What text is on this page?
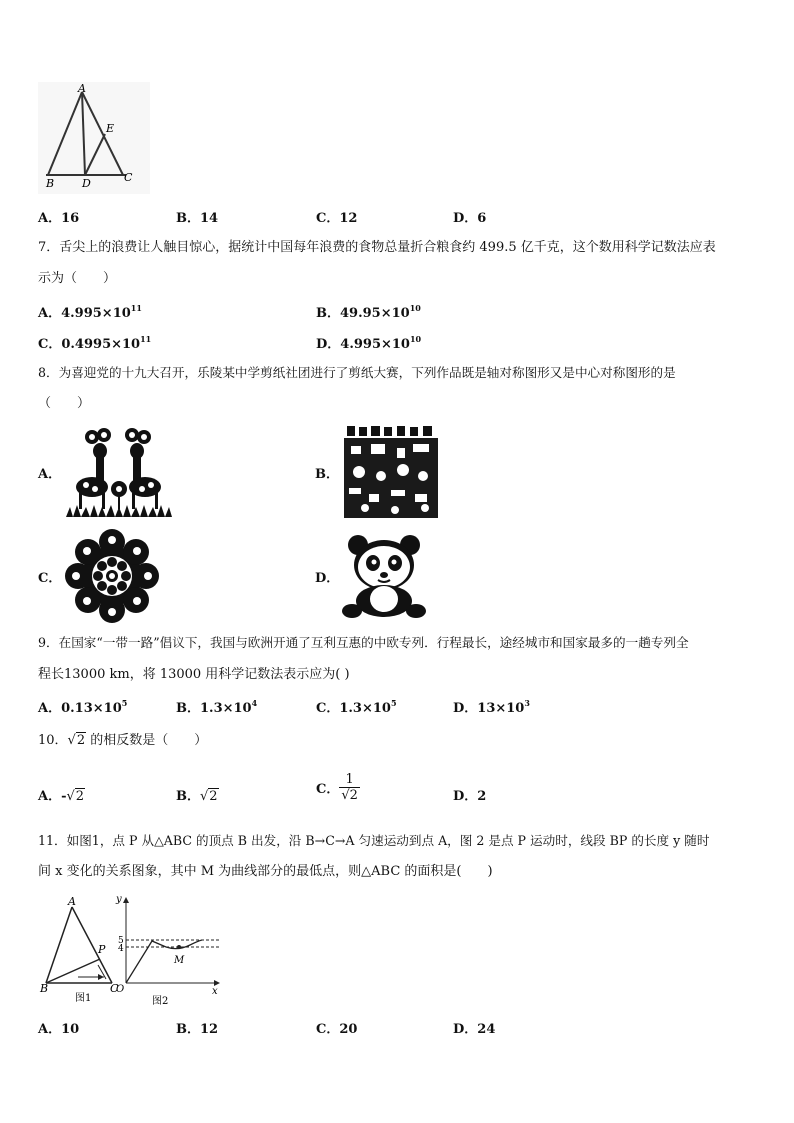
A
E
B	D	C
A．16	B．14	C．12	D．6
7．舌尖上的浪费让人触目惊心，据统计中国每年浪费的食物总量折合粮食约 499.5 亿千克，这个数用科学记数法应表
示为（　　）
A．$4.995\times 10^{11}$	B．$49.95\times 10^{10}$
C．$0.4995\times 10^{11}$	D．$4.995\times 10^{10}$
8．为喜迎党的十九大召开，乐陵某中学剪纸社团进行了剪纸大赛，下列作品既是轴对称图形又是中心对称图形的是
（　　）
A．	B．
C．	D．
9．在国家“一带一路”倡议下，我国与欧洲开通了互利互惠的中欧专列．行程最长，途经城市和国家最多的一趟专列全
程长13000 km，将 13000 用科学记数法表示应为( )
A．$0.13\times 10^5$	B．$1.3\times 10^4$	C．$1.3\times 10^5$	D．$13\times 10^3$
10．√2 的相反数是（　　）
A．-√2	B．√2	C． $\frac{1}{√2}$	D．2
11．如图1，点 P 从△ABC 的顶点 B 出发，沿 B→C→A 匀速运动到点 A，图 2 是点 P 运动时，线段 BP 的长度 y 随时
间 x 变化的关系图象，其中 M 为曲线部分的最低点，则△ABC 的面积是(　　)
A
P
B	C
图1
y
5
4
M
O	x
图2
A．10	B．12	C．20	D．24
